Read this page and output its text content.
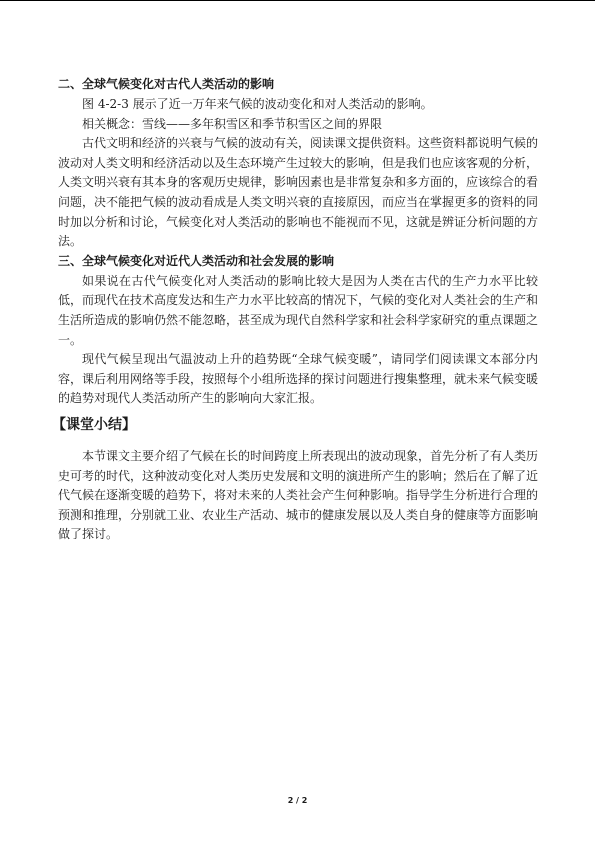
二、全球气候变化对古代人类活动的影响

图 4-2-3 展示了近一万年来气候的波动变化和对人类活动的影响。

相关概念：雪线——多年积雪区和季节积雪区之间的界限

古代文明和经济的兴衰与气候的波动有关，阅读课文提供资料。这些资料都说明气候的波动对人类文明和经济活动以及生态环境产生过较大的影响，但是我们也应该客观的分析，人类文明兴衰有其本身的客观历史规律，影响因素也是非常复杂和多方面的，应该综合的看问题，决不能把气候的波动看成是人类文明兴衰的直接原因，而应当在掌握更多的资料的同时加以分析和讨论，气候变化对人类活动的影响也不能视而不见，这就是辨证分析问题的方法。

三、全球气候变化对近代人类活动和社会发展的影响

如果说在古代气候变化对人类活动的影响比较大是因为人类在古代的生产力水平比较低，而现代在技术高度发达和生产力水平比较高的情况下，气候的变化对人类社会的生产和生活所造成的影响仍然不能忽略，甚至成为现代自然科学家和社会科学家研究的重点课题之一。

现代气候呈现出气温波动上升的趋势既“全球气候变暖”，请同学们阅读课文本部分内容，课后利用网络等手段，按照每个小组所选择的探讨问题进行搜集整理，就未来气候变暖的趋势对现代人类活动所产生的影响向大家汇报。

【课堂小结】

本节课文主要介绍了气候在长的时间跨度上所表现出的波动现象，首先分析了有人类历史可考的时代，这种波动变化对人类历史发展和文明的演进所产生的影响；然后在了解了近代气候在逐渐变暖的趋势下，将对未来的人类社会产生何种影响。指导学生分析进行合理的预测和推理，分别就工业、农业生产活动、城市的健康发展以及人类自身的健康等方面影响做了探讨。

2 / 2
